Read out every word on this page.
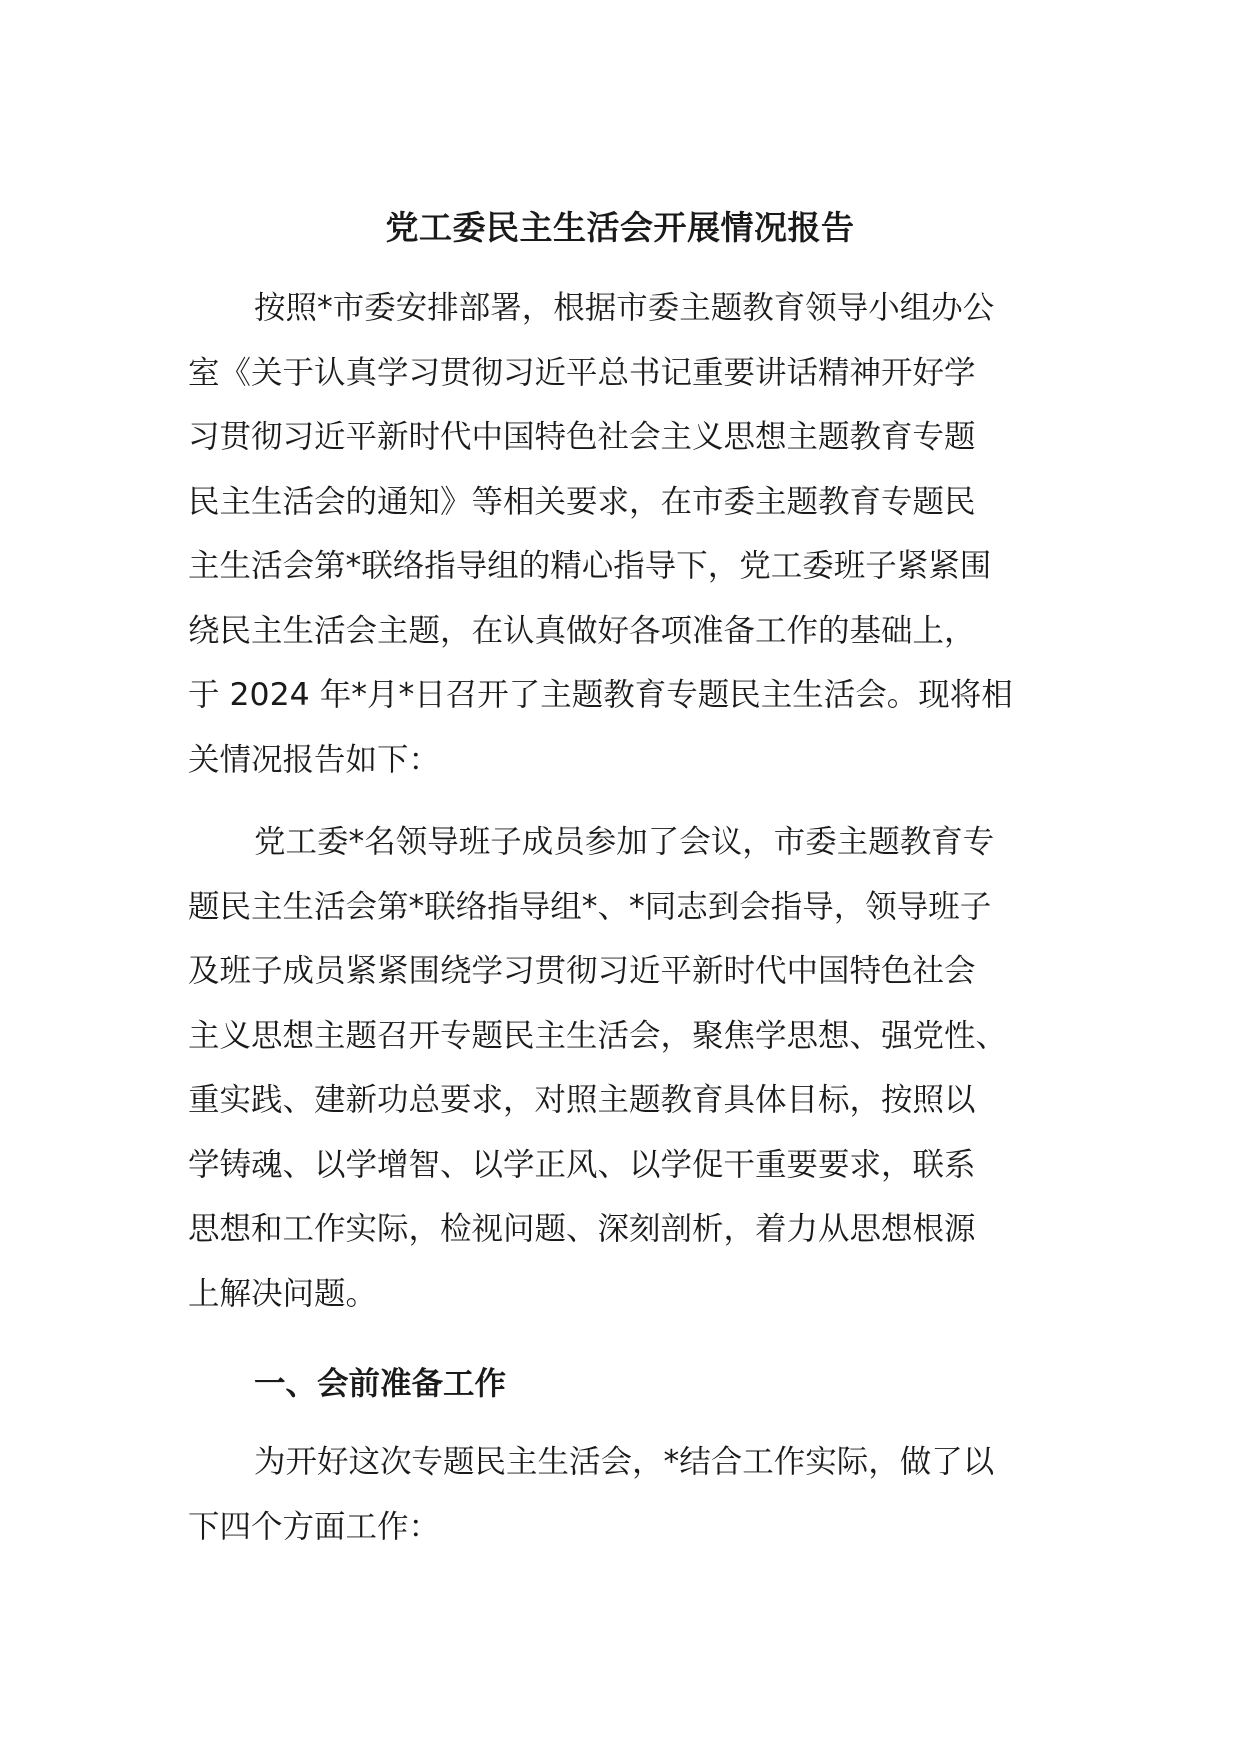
党工委民主生活会开展情况报告

按照*市委安排部署，根据市委主题教育领导小组办公
室《关于认真学习贯彻习近平总书记重要讲话精神开好学
习贯彻习近平新时代中国特色社会主义思想主题教育专题
民主生活会的通知》等相关要求，在市委主题教育专题民
主生活会第*联络指导组的精心指导下，党工委班子紧紧围
绕民主生活会主题，在认真做好各项准备工作的基础上，
于 2024 年*月*日召开了主题教育专题民主生活会。现将相
关情况报告如下：

党工委*名领导班子成员参加了会议，市委主题教育专
题民主生活会第*联络指导组*、*同志到会指导，领导班子
及班子成员紧紧围绕学习贯彻习近平新时代中国特色社会
主义思想主题召开专题民主生活会，聚焦学思想、强党性、
重实践、建新功总要求，对照主题教育具体目标，按照以
学铸魂、以学增智、以学正风、以学促干重要要求，联系
思想和工作实际，检视问题、深刻剖析，着力从思想根源
上解决问题。

一、会前准备工作

为开好这次专题民主生活会，*结合工作实际，做了以
下四个方面工作：
